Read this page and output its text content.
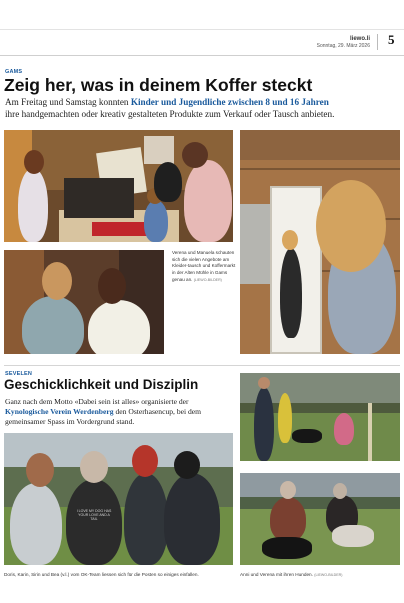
liewo.li
Sonntag, 29. März 2026 5
GAMS
Zeig her, was in deinem Koffer steckt
Am Freitag und Samstag konnten Kinder und Jugendliche zwischen 8 und 16 Jahren
ihre handgemachten oder kreativ gestalteten Produkte zum Verkauf oder Tausch anbieten.
Verena und Manuela schauten sich die vielen Angebote am Kleider-tausch und Koffermarkt in der Alten Mühle in Gams genau an. (LIEWO-BILDER)
SEVELEN
Geschicklichkeit und Disziplin
Ganz nach dem Motto «Dabei sein ist alles» organisierte der
Kynologische Verein Werdenberg den Osterhasencup, bei dem gemeinsamer Spass im Vordergrund stand.
I LOVE MY DOG HAS YOUR LOVE AND A TAIL
Doris, Karin, Sirin und Bea (v.l.) vom OK-Team liessen sich für die Posten so einiges einfallen.	Anni und Verena mit ihren Hunden. (LIEWO-BILDER)
